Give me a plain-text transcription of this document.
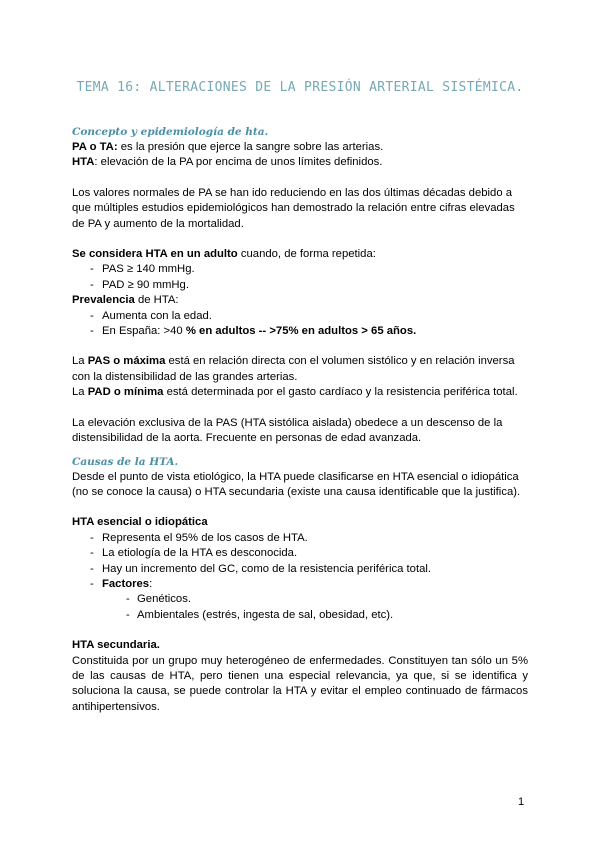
TEMA 16: ALTERACIONES DE LA PRESIÓN ARTERIAL SISTÉMICA.
Concepto y epidemiología de hta.

PA o TA: es la presión que ejerce la sangre sobre las arterias.

HTA: elevación de la PA por encima de unos límites definidos.

Los valores normales de PA se han ido reduciendo en las dos últimas décadas debido a que múltiples estudios epidemiológicos han demostrado la relación entre cifras elevadas de PA y aumento de la mortalidad.

Se considera HTA en un adulto cuando, de forma repetida:

- PAS ≥ 140 mmHg.
- PAD ≥ 90 mmHg.

Prevalencia de HTA:

- Aumenta con la edad.
- En España: >40 % en adultos -- >75% en adultos > 65 años.

La PAS o máxima está en relación directa con el volumen sistólico y en relación inversa con la distensibilidad de las grandes arterias.

La PAD o mínima está determinada por el gasto cardíaco y la resistencia periférica total.

La elevación exclusiva de la PAS (HTA sistólica aislada) obedece a un descenso de la distensibilidad de la aorta. Frecuente en personas de edad avanzada.

Causas de la HTA.

Desde el punto de vista etiológico, la HTA puede clasificarse en HTA esencial o idiopática (no se conoce la causa) o HTA secundaria (existe una causa identificable que la justifica).

HTA esencial o idiopática

- Representa el 95% de los casos de HTA.
- La etiología de la HTA es desconocida.
- Hay un incremento del GC, como de la resistencia periférica total.
- Factores:
- Genéticos.
- Ambientales (estrés, ingesta de sal, obesidad, etc).

HTA secundaria.

Constituida por un grupo muy heterogéneo de enfermedades. Constituyen tan sólo un 5% de las causas de HTA, pero tienen una especial relevancia, ya que, si se identifica y soluciona la causa, se puede controlar la HTA y evitar el empleo continuado de fármacos antihipertensivos.

1
